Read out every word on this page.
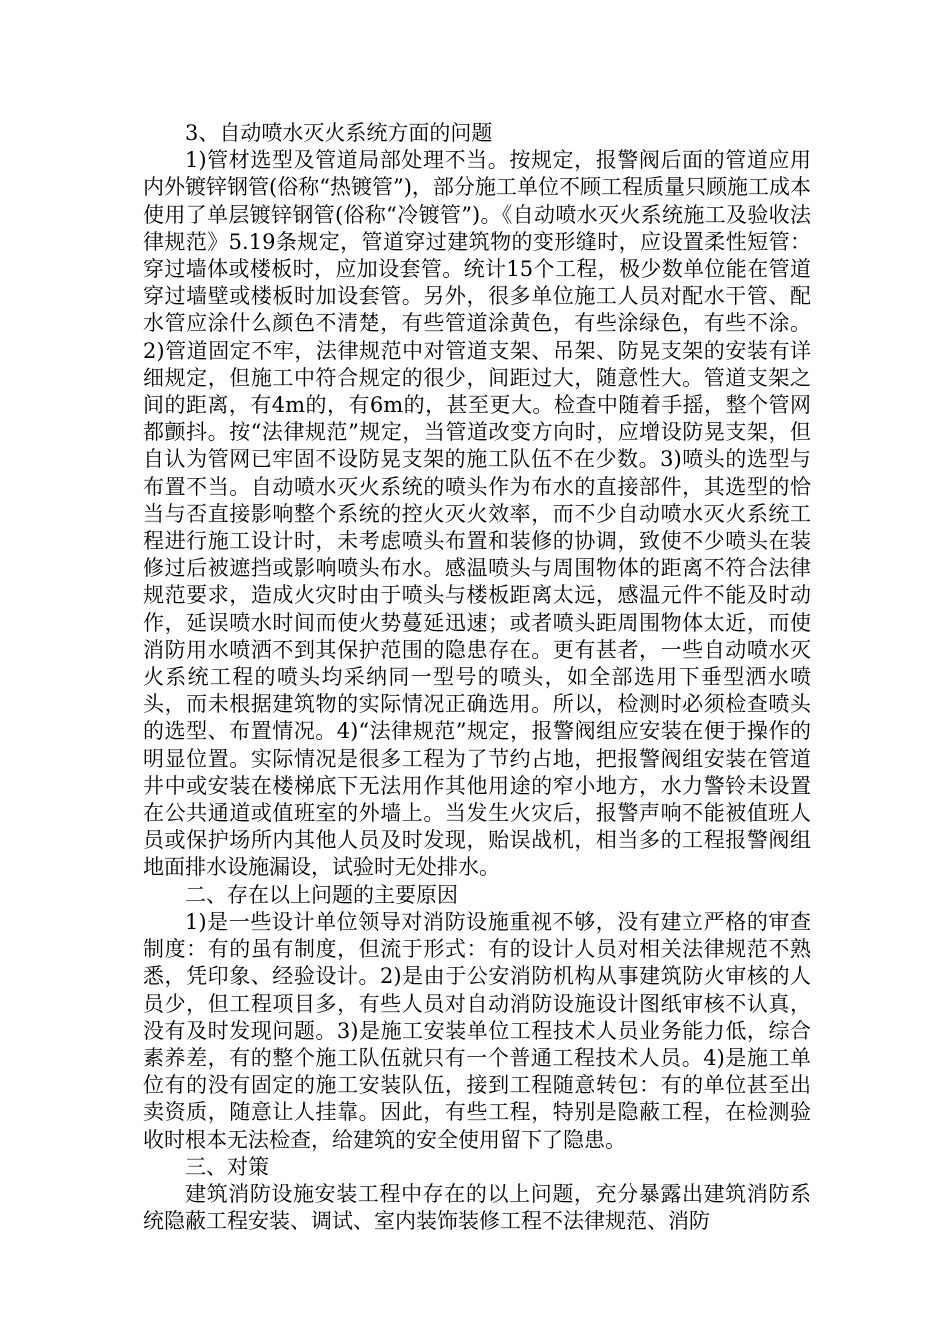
3、自动喷水灭火系统方面的问题

1)管材选型及管道局部处理不当。按规定，报警阀后面的管道应用内外镀锌钢管(俗称“热镀管”)，部分施工单位不顾工程质量只顾施工成本使用了单层镀锌钢管(俗称“冷镀管”)。《自动喷水灭火系统施工及验收法律规范》5.19条规定，管道穿过建筑物的变形缝时，应设置柔性短管：穿过墙体或楼板时，应加设套管。统计15个工程，极少数单位能在管道穿过墙壁或楼板时加设套管。另外，很多单位施工人员对配水干管、配水管应涂什么颜色不清楚，有些管道涂黄色，有些涂绿色，有些不涂。2)管道固定不牢，法律规范中对管道支架、吊架、防晃支架的安装有详细规定，但施工中符合规定的很少，间距过大，随意性大。管道支架之间的距离，有4m的，有6m的，甚至更大。检查中随着手摇，整个管网都颤抖。按“法律规范”规定，当管道改变方向时，应增设防晃支架，但自认为管网已牢固不设防晃支架的施工队伍不在少数。3)喷头的选型与布置不当。自动喷水灭火系统的喷头作为布水的直接部件，其选型的恰当与否直接影响整个系统的控火灭火效率，而不少自动喷水灭火系统工程进行施工设计时，未考虑喷头布置和装修的协调，致使不少喷头在装修过后被遮挡或影响喷头布水。感温喷头与周围物体的距离不符合法律规范要求，造成火灾时由于喷头与楼板距离太远，感温元件不能及时动作，延误喷水时间而使火势蔓延迅速；或者喷头距周围物体太近，而使消防用水喷洒不到其保护范围的隐患存在。更有甚者，一些自动喷水灭火系统工程的喷头均采纳同一型号的喷头，如全部选用下垂型洒水喷头，而未根据建筑物的实际情况正确选用。所以，检测时必须检查喷头的选型、布置情况。4)“法律规范”规定，报警阀组应安装在便于操作的明显位置。实际情况是很多工程为了节约占地，把报警阀组安装在管道井中或安装在楼梯底下无法用作其他用途的窄小地方，水力警铃未设置在公共通道或值班室的外墙上。当发生火灾后，报警声响不能被值班人员或保护场所内其他人员及时发现，贻误战机，相当多的工程报警阀组地面排水设施漏设，试验时无处排水。

二、存在以上问题的主要原因

1)是一些设计单位领导对消防设施重视不够，没有建立严格的审查制度：有的虽有制度，但流于形式：有的设计人员对相关法律规范不熟悉，凭印象、经验设计。2)是由于公安消防机构从事建筑防火审核的人员少，但工程项目多，有些人员对自动消防设施设计图纸审核不认真，没有及时发现问题。3)是施工安装单位工程技术人员业务能力低，综合素养差，有的整个施工队伍就只有一个普通工程技术人员。4)是施工单位有的没有固定的施工安装队伍，接到工程随意转包：有的单位甚至出卖资质，随意让人挂靠。因此，有些工程，特别是隐蔽工程，在检测验收时根本无法检查，给建筑的安全使用留下了隐患。

三、对策

建筑消防设施安装工程中存在的以上问题，充分暴露出建筑消防系统隐蔽工程安装、调试、室内装饰装修工程不法律规范、消防
